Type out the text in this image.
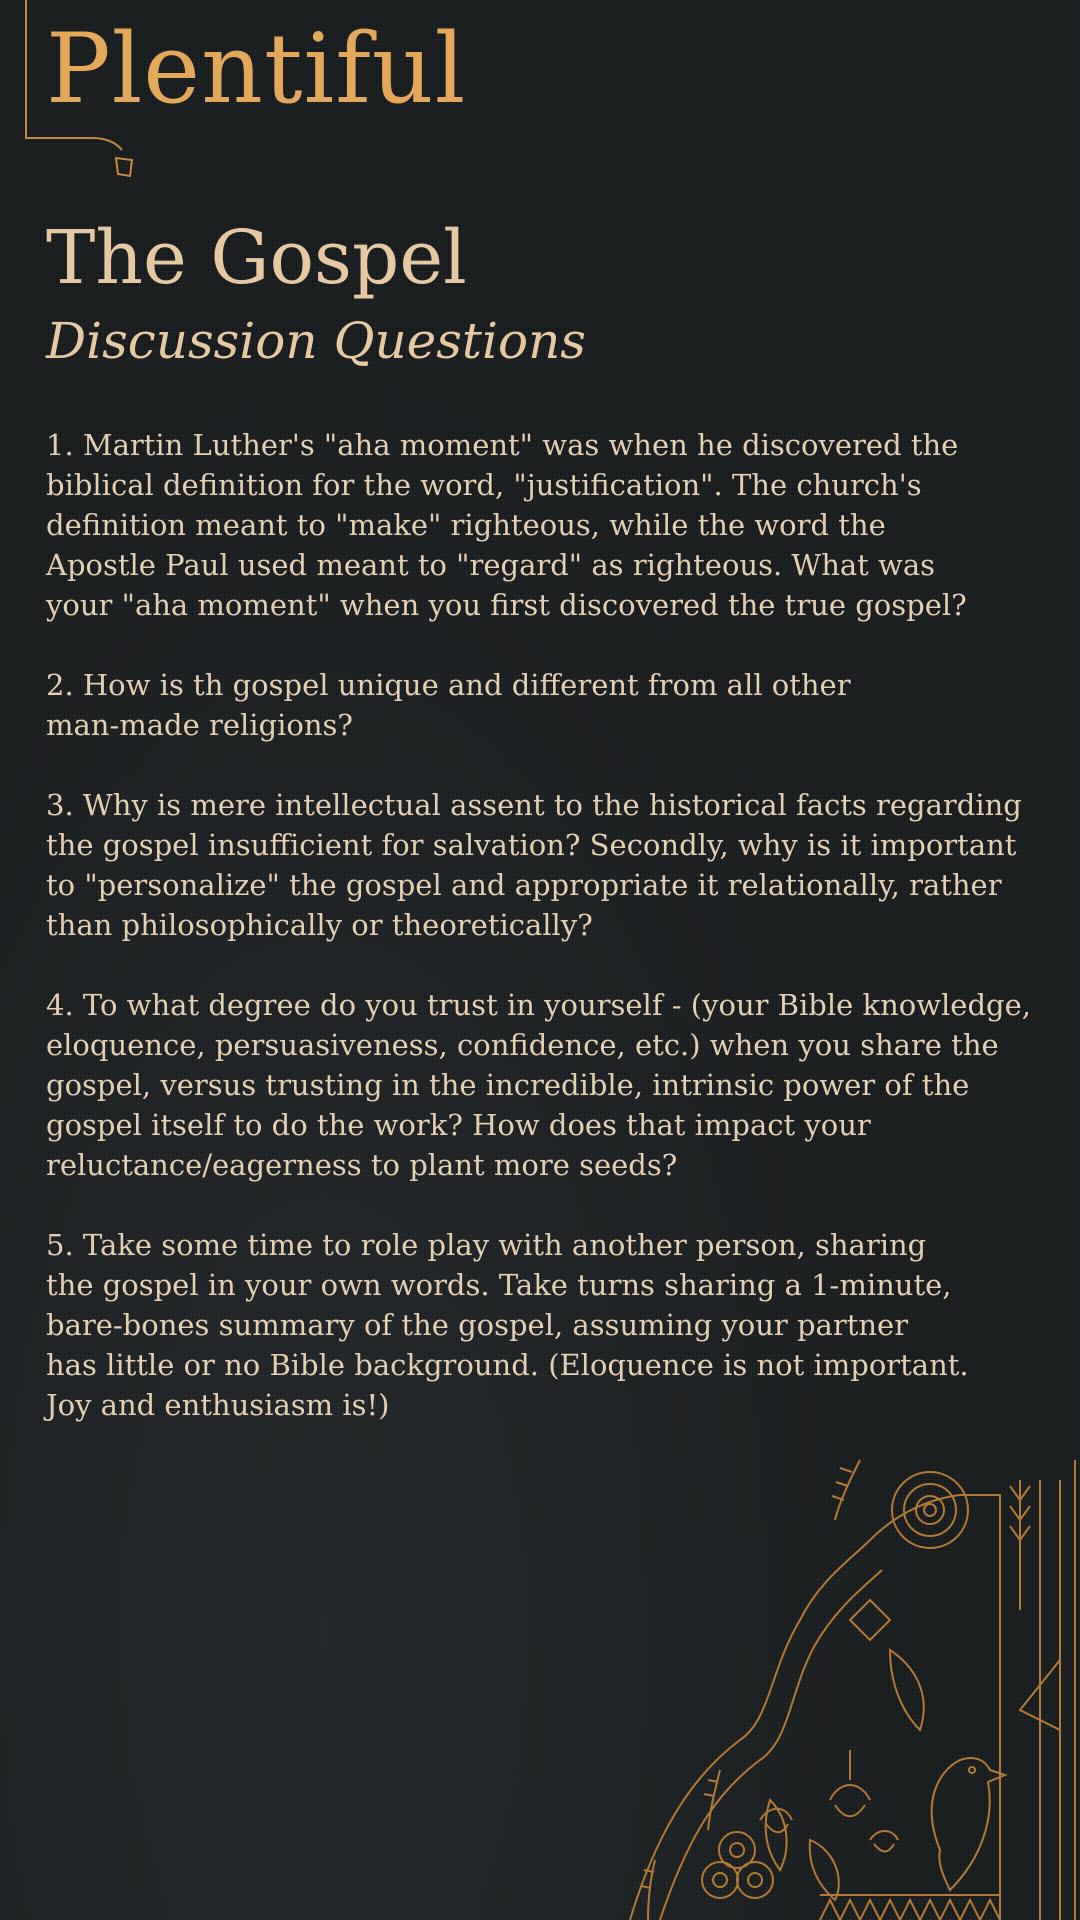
Plentiful
The Gospel
Discussion Questions
1. Martin Luther's "aha moment" was when he discovered the
biblical definition for the word, "justification". The church's
definition meant to "make" righteous, while the word the
Apostle Paul used meant to "regard" as righteous. What was
your "aha moment" when you first discovered the true gospel?
2. How is th gospel unique and different from all other
man-made religions?
3. Why is mere intellectual assent to the historical facts regarding
the gospel insufficient for salvation? Secondly, why is it important
to "personalize" the gospel and appropriate it relationally, rather
than philosophically or theoretically?
4. To what degree do you trust in yourself - (your Bible knowledge,
eloquence, persuasiveness, confidence, etc.) when you share the
gospel, versus trusting in the incredible, intrinsic power of the
gospel itself to do the work? How does that impact your
reluctance/eagerness to plant more seeds?
5. Take some time to role play with another person, sharing
the gospel in your own words. Take turns sharing a 1-minute,
bare-bones summary of the gospel, assuming your partner
has little or no Bible background. (Eloquence is not important.
Joy and enthusiasm is!)
